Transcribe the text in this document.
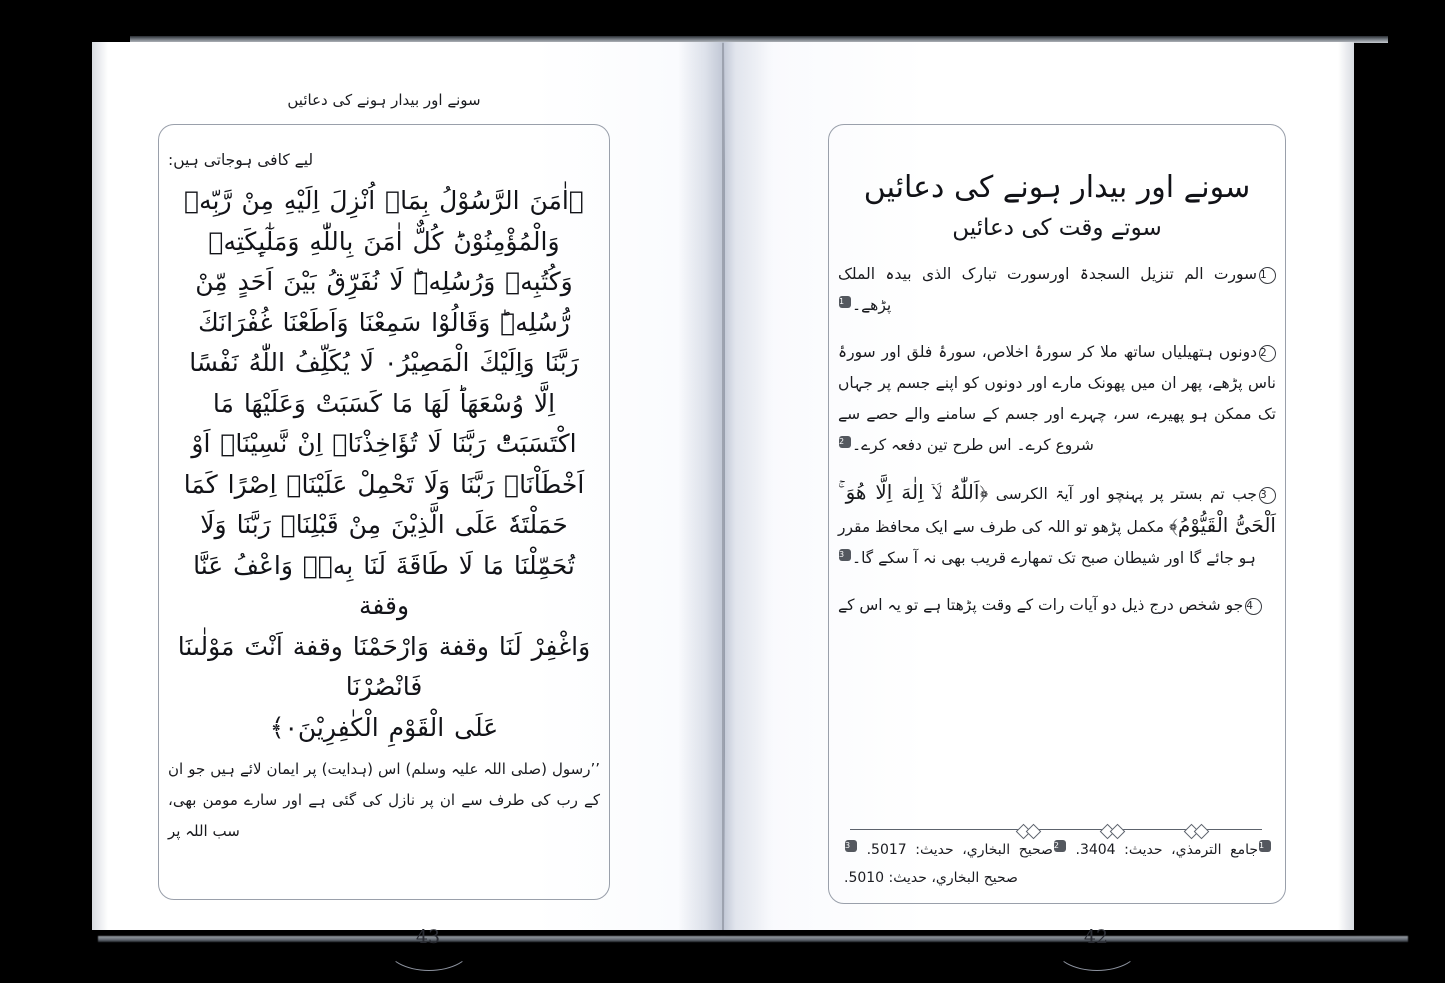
سونے اور بیدار ہونے کی دعائیں
لیے کافی ہوجاتی ہیں:
﴿اٰمَنَ الرَّسُوْلُ بِمَاۤ اُنْزِلَ اِلَیْهِ مِنْ رَّبِّهٖ
وَالْمُؤْمِنُوْنَؕ كُلٌّ اٰمَنَ بِاللّٰهِ وَمَلٰٓىِٕكَتِهٖ
وَكُتُبِهٖ وَرُسُلِهٖؕ لَا نُفَرِّقُ بَیْنَ اَحَدٍ مِّنْ
رُّسُلِهٖؕ وَقَالُوْا سَمِعْنَا وَاَطَعْنَا غُفْرَانَكَ
رَبَّنَا وَاِلَیْكَ الْمَصِیْرُ۰ لَا یُكَلِّفُ اللّٰهُ نَفْسًا
اِلَّا وُسْعَهَاؕ لَهَا مَا كَسَبَتْ وَعَلَیْهَا مَا
اكْتَسَبَتْؕ رَبَّنَا لَا تُؤَاخِذْنَاۤ اِنْ نَّسِیْنَاۤ اَوْ
اَخْطَاْنَاۚ رَبَّنَا وَلَا تَحْمِلْ عَلَیْنَاۤ اِصْرًا كَمَا
حَمَلْتَهٗ عَلَى الَّذِیْنَ مِنْ قَبْلِنَاۚ رَبَّنَا وَلَا
تُحَمِّلْنَا مَا لَا طَاقَةَ لَنَا بِهٖۚ وَاعْفُ عَنَّا وقفة
وَاغْفِرْ لَنَا وقفة وَارْحَمْنَا وقفة اَنْتَ مَوْلٰىنَا فَانْصُرْنَا
عَلَى الْقَوْمِ الْكٰفِرِیْنَ۰﴾
’’رسول (صلی اللہ علیہ وسلم) اس (ہدایت) پر ایمان لائے ہیں جو ان کے رب کی طرف سے ان پر نازل کی گئی ہے اور سارے مومن بھی، سب اللہ پر
43
سونے اور بیدار ہونے کی دعائیں
سوتے وقت کی دعائیں
1سورت الم تنزیل السجدۃ اورسورت تبارک الذی بیدہ الملک پڑھے۔1
2دونوں ہتھیلیاں ساتھ ملا کر سورۂ اخلاص، سورۂ فلق اور سورۂ ناس پڑھے، پھر ان میں پھونک مارے اور دونوں کو اپنے جسم پر جہاں تک ممکن ہو پھیرے، سر، چہرے اور جسم کے سامنے والے حصے سے شروع کرے۔ اس طرح تین دفعہ کرے۔2
3جب تم بستر پر پہنچو اور آیۃ الکرسی ﴿اَللّٰهُ لَاۤ اِلٰهَ اِلَّا هُوَ ۚ اَلْحَیُّ الْقَیُّوْمُ﴾ مکمل پڑھو تو اللہ کی طرف سے ایک محافظ مقرر ہو جائے گا اور شیطان صبح تک تمھارے قریب بھی نہ آ سکے گا۔3
4جو شخص درج ذیل دو آیات رات کے وقت پڑھتا ہے تو یہ اس کے
1جامع الترمذي، حديث: 3404. 2صحيح البخاري، حديث: 5017. 3صحيح البخاري، حديث: 5010.
42
